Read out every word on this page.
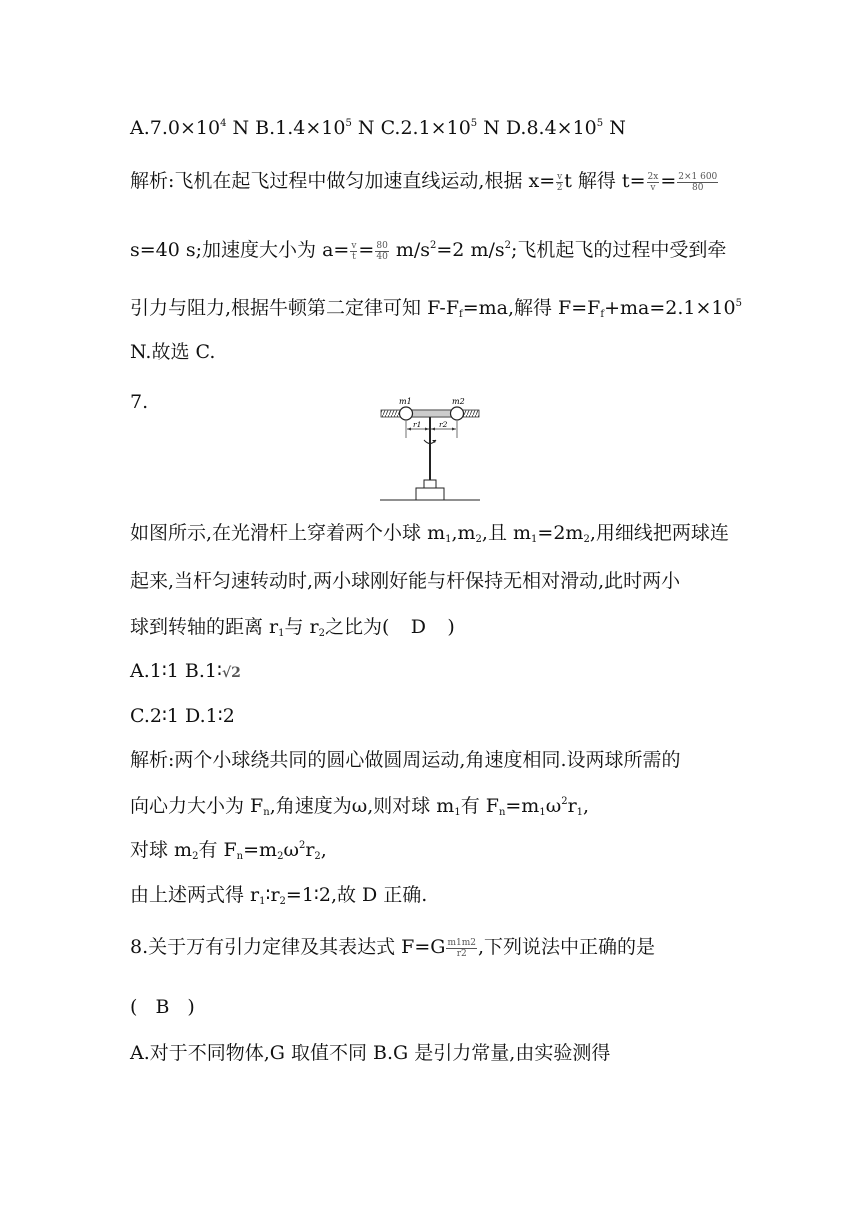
$A.7.0\times 10^4$ N $B.1.4\times 10^5$ N $C.2.1\times 10^5$ N $D.8.4\times 10^5$ N
解析:飞机在起飞过程中做匀加速直线运动,根据 $x= \frac{v}{2}$ t 解得 $t= \frac{2x}{v} = \frac{2\times 1 600}{80}$
s=40 s;加速度大小为 $a= \frac{v}{t} = \frac{80}{40} m/s^2=2$ $m/s^2$;飞机起飞的过程中受到牵
引力与阻力,根据牛顿第二定律可知 $F-F_f=ma$,解得 $F=F_f+ma=2.1\times 10^5$
N.故选 C.
7.	m1	m2
r1 r2
如图所示,在光滑杆上穿着两个小球 $m_1,m_2$,且 $m_1=2m_2$,用细线把两球连
起来,当杆匀速转动时,两小球刚好能与杆保持无相对滑动,此时两小
球到转轴的距离 $r_1$与 $r_2$之比为( D )
A.1∶1 B.1∶√2
C.2∶1 D.1∶2
解析:两个小球绕共同的圆心做圆周运动,角速度相同.设两球所需的
向心力大小为 $F_n$,角速度为ω,则对球 $m_1$有 $F_n=m_1\omega^2r_1$,
对球 $m_2$有 $F_n=m_2\omega^2r_2$,
由上述两式得 $r_1∶r_2=1∶2$,故 D 正确.
8.关于万有引力定律及其表达式 $F=G \frac{m1m2}{r2}$ ,下列说法中正确的是
( B )
A.对于不同物体,G 取值不同 B.G 是引力常量,由实验测得
